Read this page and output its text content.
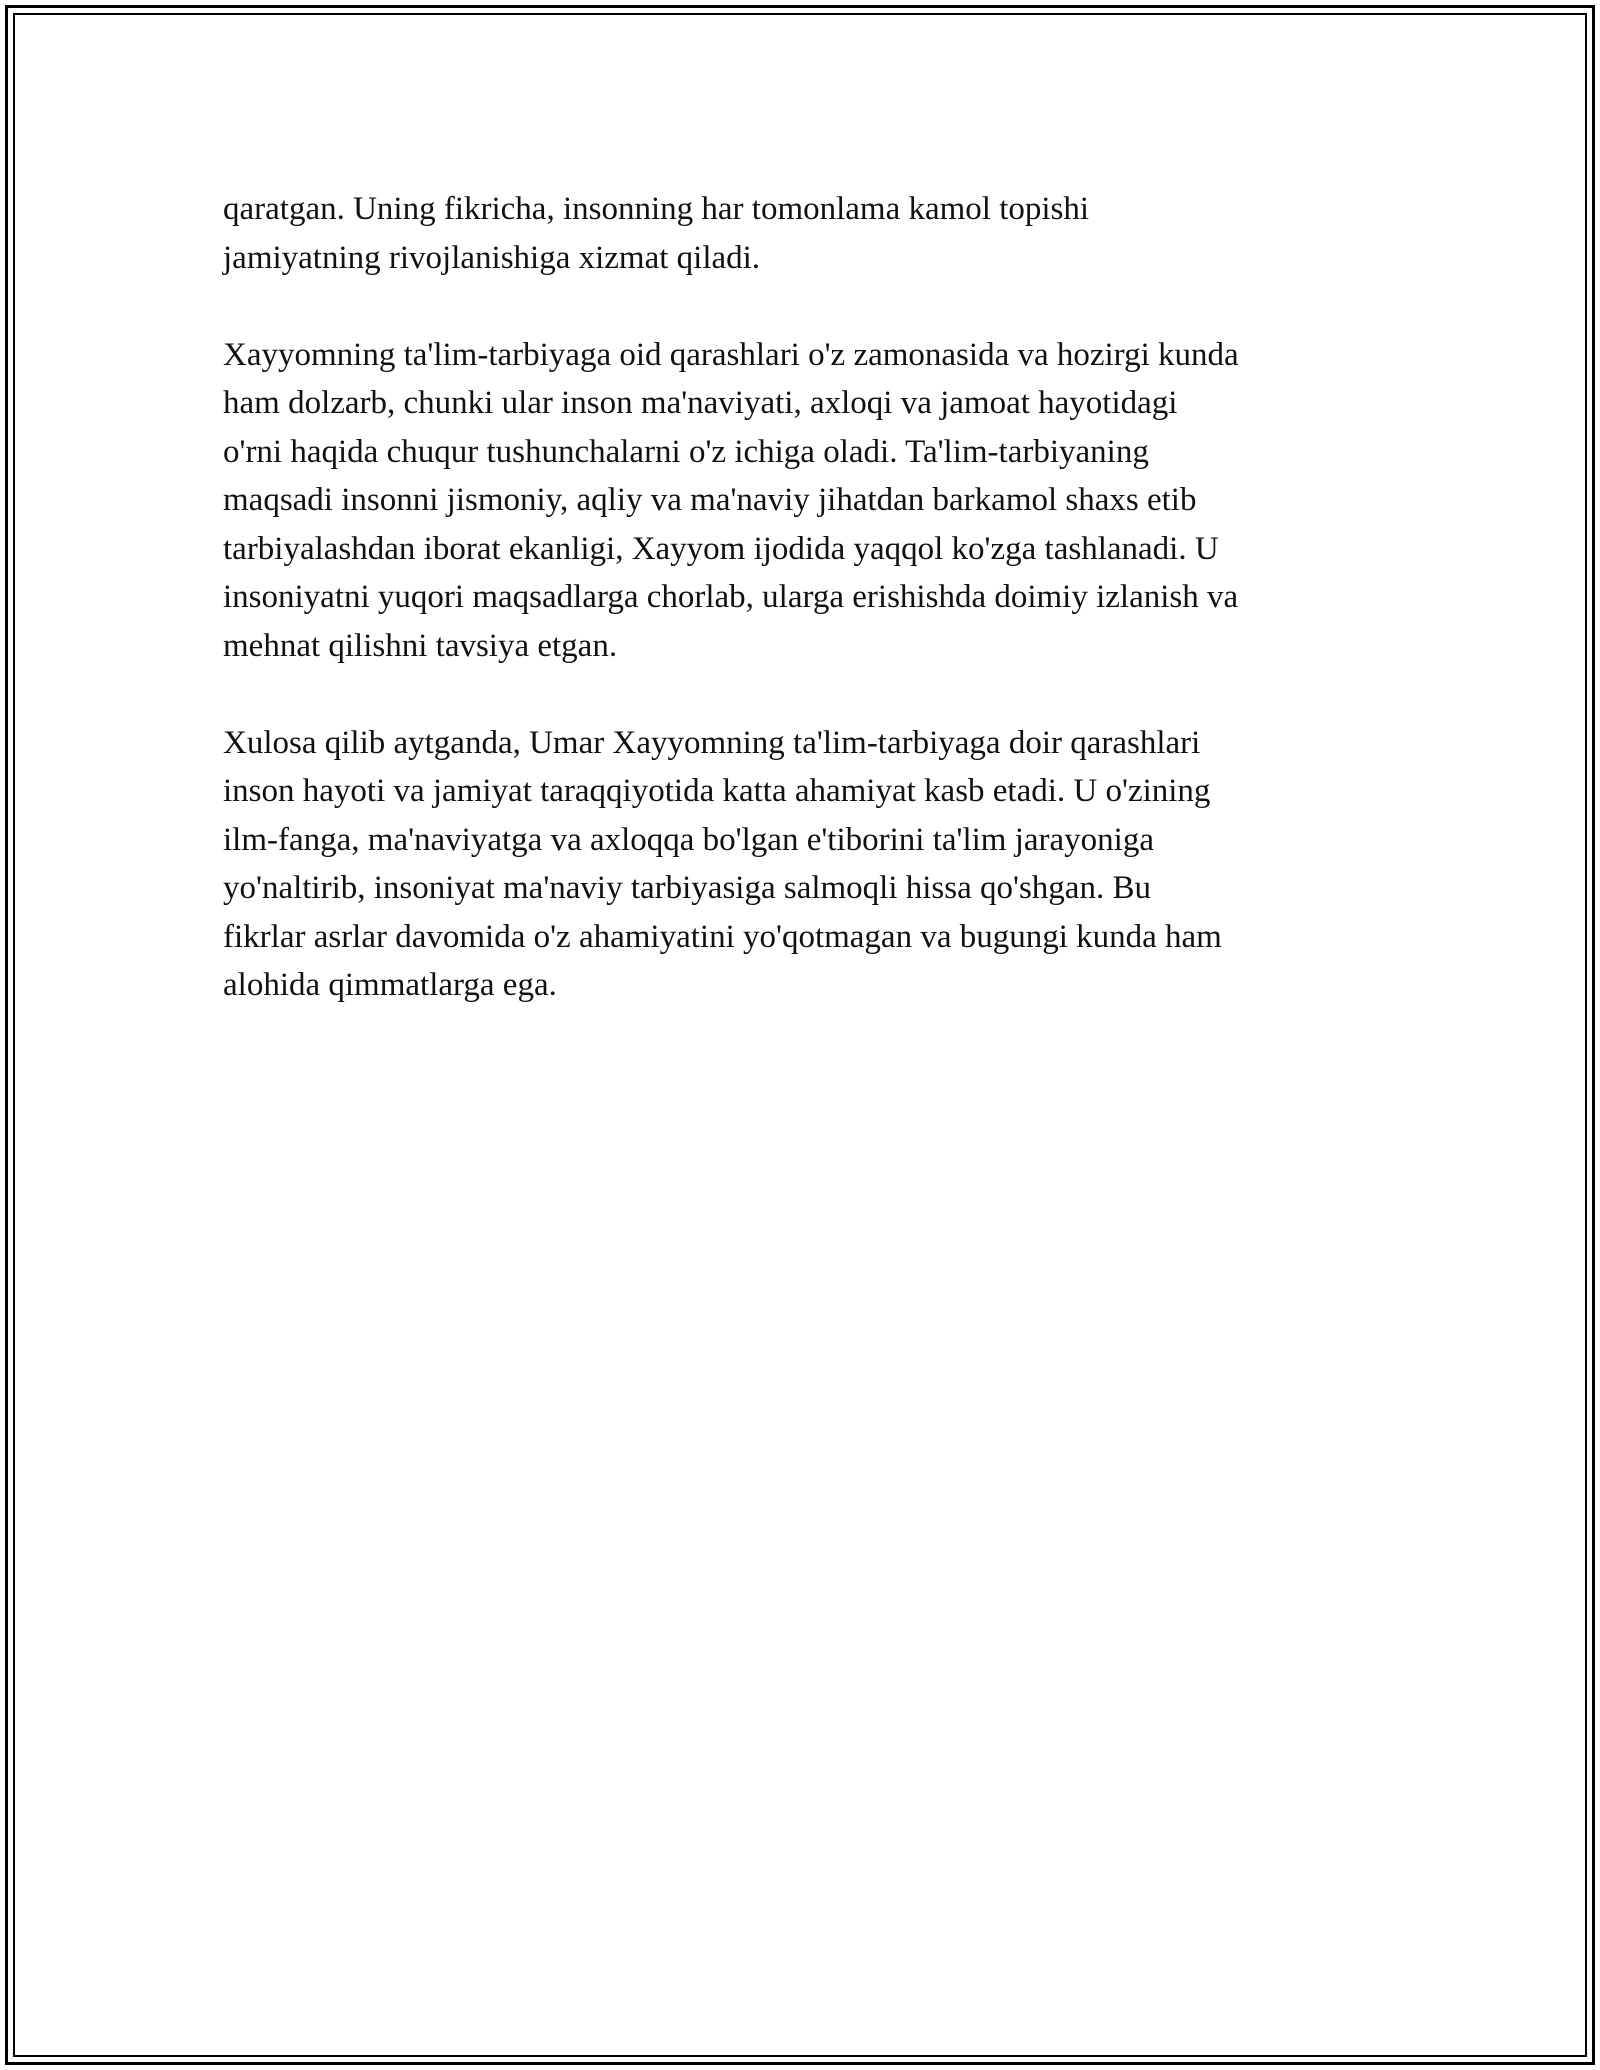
qaratgan. Uning fikricha, insonning har tomonlama kamol topishi
jamiyatning rivojlanishiga xizmat qiladi.

Xayyomning ta'lim-tarbiyaga oid qarashlari o'z zamonasida va hozirgi kunda
ham dolzarb, chunki ular inson ma'naviyati, axloqi va jamoat hayotidagi
o'rni haqida chuqur tushunchalarni o'z ichiga oladi. Ta'lim-tarbiyaning
maqsadi insonni jismoniy, aqliy va ma'naviy jihatdan barkamol shaxs etib
tarbiyalashdan iborat ekanligi, Xayyom ijodida yaqqol ko'zga tashlanadi. U
insoniyatni yuqori maqsadlarga chorlab, ularga erishishda doimiy izlanish va
mehnat qilishni tavsiya etgan.

Xulosa qilib aytganda, Umar Xayyomning ta'lim-tarbiyaga doir qarashlari
inson hayoti va jamiyat taraqqiyotida katta ahamiyat kasb etadi. U o'zining
ilm-fanga, ma'naviyatga va axloqqa bo'lgan e'tiborini ta'lim jarayoniga
yo'naltirib, insoniyat ma'naviy tarbiyasiga salmoqli hissa qo'shgan. Bu
fikrlar asrlar davomida o'z ahamiyatini yo'qotmagan va bugungi kunda ham
alohida qimmatlarga ega.
